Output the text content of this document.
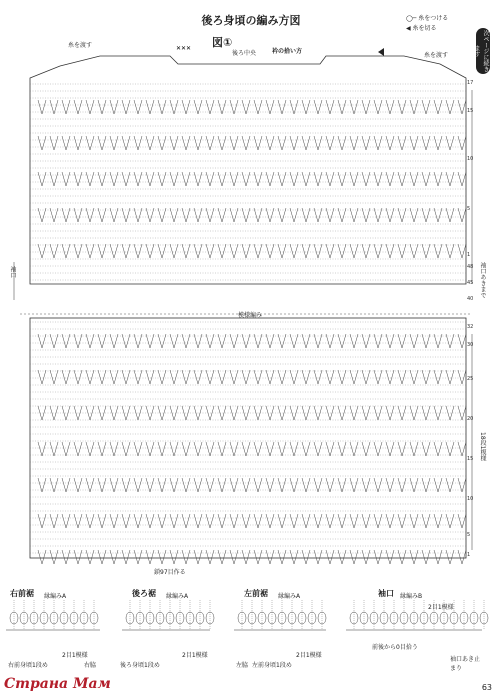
後ろ身頃の編み方図
図①
◯─ 糸をつける
◀ 糸を切る
次ページに続きます
糸を渡す
後ろ中央	衿の拾い方
糸を渡す
模様編み
鎖97目作る
袖口あきまで
18段1模様
袖口
✕✕✕
17
15
10
5
1
48
45
40
32
30
25
20
15
10
5
1
右前裾 縁編みA
右前身頃1段め
2目1模様
右脇
後ろ裾 縁編みA
後ろ身頃1段め
2目1模様
左前裾 縁編みA
左脇 左前身頃1段め
2目1模様
袖口 縁編みB
2目1模様
前後から0目拾う
袖口あき止まり
Страна Мам	63
